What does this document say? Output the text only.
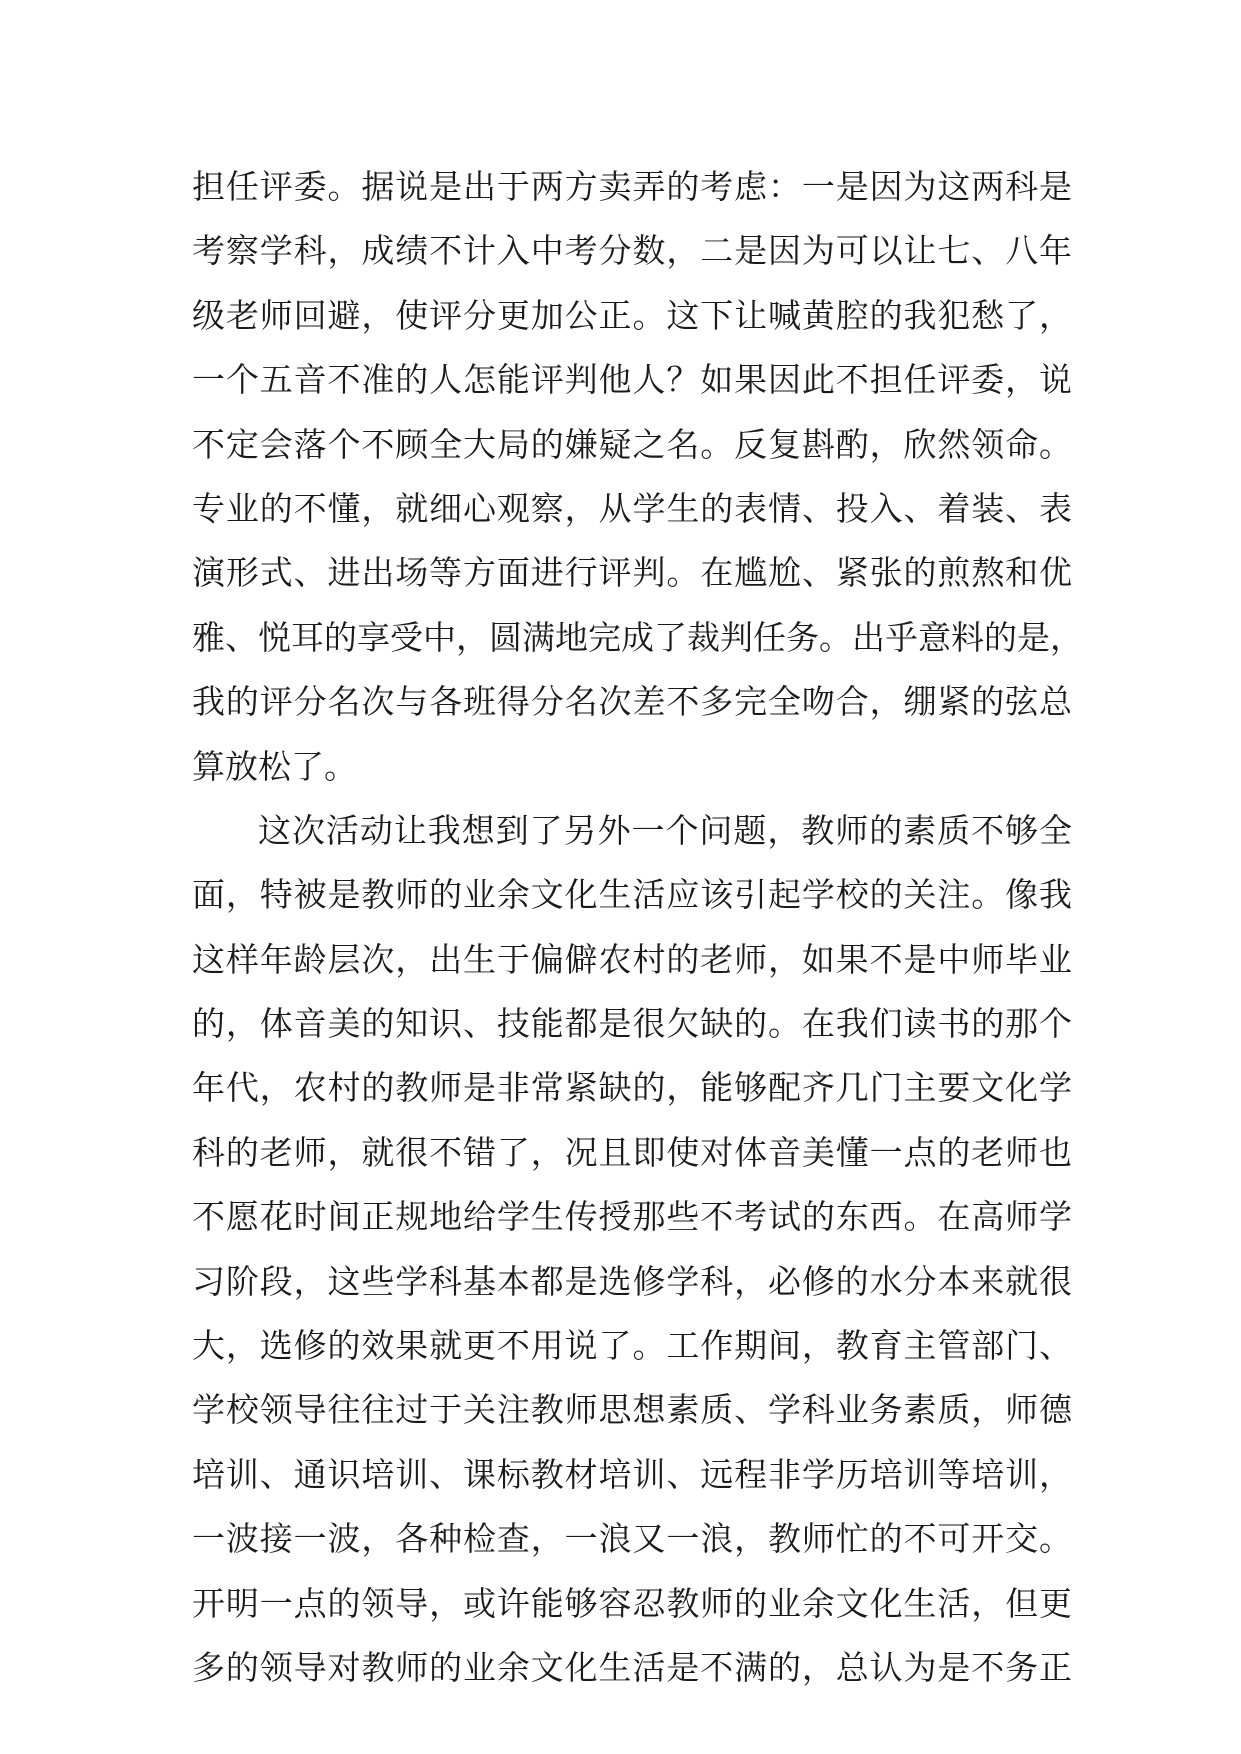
担任评委。据说是出于两方卖弄的考虑：一是因为这两科是
考察学科，成绩不计入中考分数，二是因为可以让七、八年
级老师回避，使评分更加公正。这下让喊黄腔的我犯愁了，
一个五音不准的人怎能评判他人？如果因此不担任评委，说
不定会落个不顾全大局的嫌疑之名。反复斟酌，欣然领命。
专业的不懂，就细心观察，从学生的表情、投入、着装、表
演形式、进出场等方面进行评判。在尴尬、紧张的煎熬和优
雅、悦耳的享受中，圆满地完成了裁判任务。出乎意料的是，
我的评分名次与各班得分名次差不多完全吻合，绷紧的弦总
算放松了。
这次活动让我想到了另外一个问题，教师的素质不够全
面，特被是教师的业余文化生活应该引起学校的关注。像我
这样年龄层次，出生于偏僻农村的老师，如果不是中师毕业
的，体音美的知识、技能都是很欠缺的。在我们读书的那个
年代，农村的教师是非常紧缺的，能够配齐几门主要文化学
科的老师，就很不错了，况且即使对体音美懂一点的老师也
不愿花时间正规地给学生传授那些不考试的东西。在高师学
习阶段，这些学科基本都是选修学科，必修的水分本来就很
大，选修的效果就更不用说了。工作期间，教育主管部门、
学校领导往往过于关注教师思想素质、学科业务素质，师德
培训、通识培训、课标教材培训、远程非学历培训等培训，
一波接一波，各种检查，一浪又一浪，教师忙的不可开交。
开明一点的领导，或许能够容忍教师的业余文化生活，但更
多的领导对教师的业余文化生活是不满的，总认为是不务正
